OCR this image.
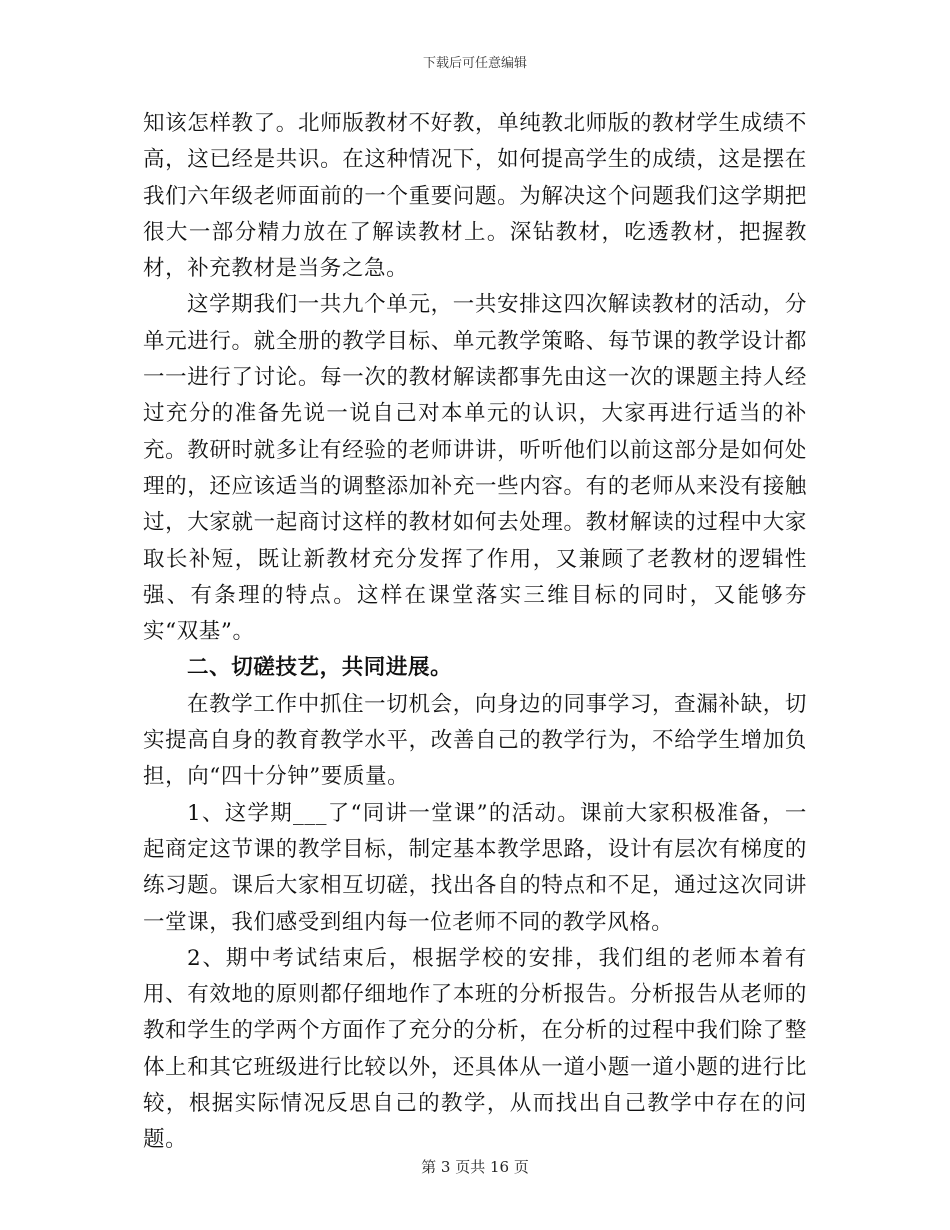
下载后可任意编辑

知该怎样教了。北师版教材不好教，单纯教北师版的教材学生成绩不高，这已经是共识。在这种情况下，如何提高学生的成绩，这是摆在我们六年级老师面前的一个重要问题。为解决这个问题我们这学期把很大一部分精力放在了解读教材上。深钻教材，吃透教材，把握教材，补充教材是当务之急。

这学期我们一共九个单元，一共安排这四次解读教材的活动，分单元进行。就全册的教学目标、单元教学策略、每节课的教学设计都一一进行了讨论。每一次的教材解读都事先由这一次的课题主持人经过充分的准备先说一说自己对本单元的认识，大家再进行适当的补充。教研时就多让有经验的老师讲讲，听听他们以前这部分是如何处理的，还应该适当的调整添加补充一些内容。有的老师从来没有接触过，大家就一起商讨这样的教材如何去处理。教材解读的过程中大家取长补短，既让新教材充分发挥了作用，又兼顾了老教材的逻辑性强、有条理的特点。这样在课堂落实三维目标的同时，又能够夯实“双基”。

二、切磋技艺，共同进展。

在教学工作中抓住一切机会，向身边的同事学习，查漏补缺，切实提高自身的教育教学水平，改善自己的教学行为，不给学生增加负担，向“四十分钟”要质量。

1、这学期___了“同讲一堂课”的活动。课前大家积极准备，一起商定这节课的教学目标，制定基本教学思路，设计有层次有梯度的练习题。课后大家相互切磋，找出各自的特点和不足，通过这次同讲一堂课，我们感受到组内每一位老师不同的教学风格。

2、期中考试结束后，根据学校的安排，我们组的老师本着有用、有效地的原则都仔细地作了本班的分析报告。分析报告从老师的教和学生的学两个方面作了充分的分析，在分析的过程中我们除了整体上和其它班级进行比较以外，还具体从一道小题一道小题的进行比较，根据实际情况反思自己的教学，从而找出自己教学中存在的问题。

第 3 页共 16 页
